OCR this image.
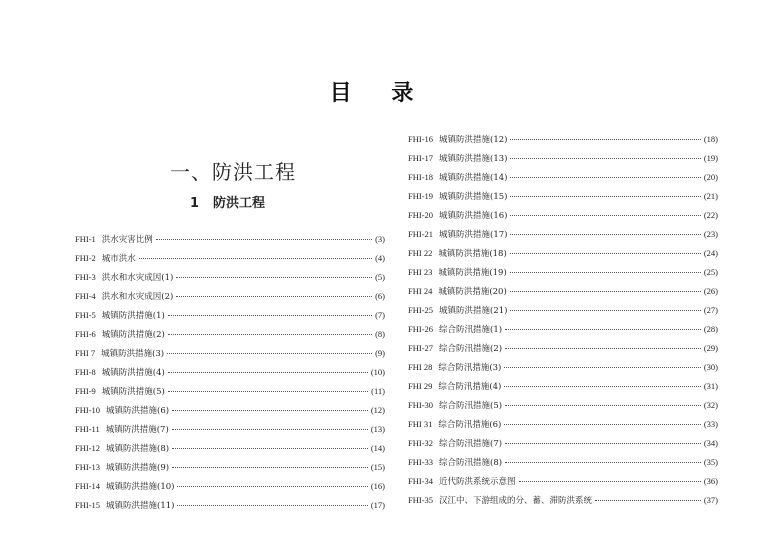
目 录
一、防洪工程
1 防洪工程
FHI-1 洪水灾害比例	(3)
FHI-2 城市洪水	(4)
FHI-3 洪水和水灾成因(1)	(5)
FHI-4 洪水和水灾成因(2)	(6)
FHI-5 城镇防洪措施(1)	(7)
FHI-6 城镇防洪措施(2)	(8)
FHI 7 城镇防洪措施(3)	(9)
FHI-8 城镇防洪措施(4)	(10)
FHI-9 城镇防洪措施(5)	(11)
FHI-10 城镇防洪措施(6)	(12)
FHI-11 城镇防洪措施(7)	(13)
FHI-12 城镇防洪措施(8)	(14)
FHI-13 城镇防洪措施(9)	(15)
FHI-14 城镇防洪措施(10)	(16)
FHI-15 城镇防洪措施(11)	(17)
FHI-16 城镇防洪措施(12)	(18)
FHI-17 城镇防洪措施(13)	(19)
FHI-18 城镇防洪措施(14)	(20)
FHI-19 城镇防洪措施(15)	(21)
FHI-20 城镇防洪措施(16)	(22)
FHI-21 城镇防洪措施(17)	(23)
FHI 22 城镇防洪措施(18)	(24)
FHI 23 城镇防洪措施(19)	(25)
FHI 24 城镇防洪措施(20)	(26)
FHI-25 城镇防洪措施(21)	(27)
FHI-26 综合防汛措施(1)	(28)
FHI-27 综合防汛措施(2)	(29)
FHI 28 综合防汛措施(3)	(30)
FHI 29 综合防汛措施(4)	(31)
FHI-30 综合防汛措施(5)	(32)
FHI 31 综合防汛措施(6)	(33)
FHI-32 综合防汛措施(7)	(34)
FHI-33 综合防汛措施(8)	(35)
FHI-34 近代防洪系统示意图	(36)
FHI-35 汉江中、下游组成的分、蓄、滞防洪系统	(37)
